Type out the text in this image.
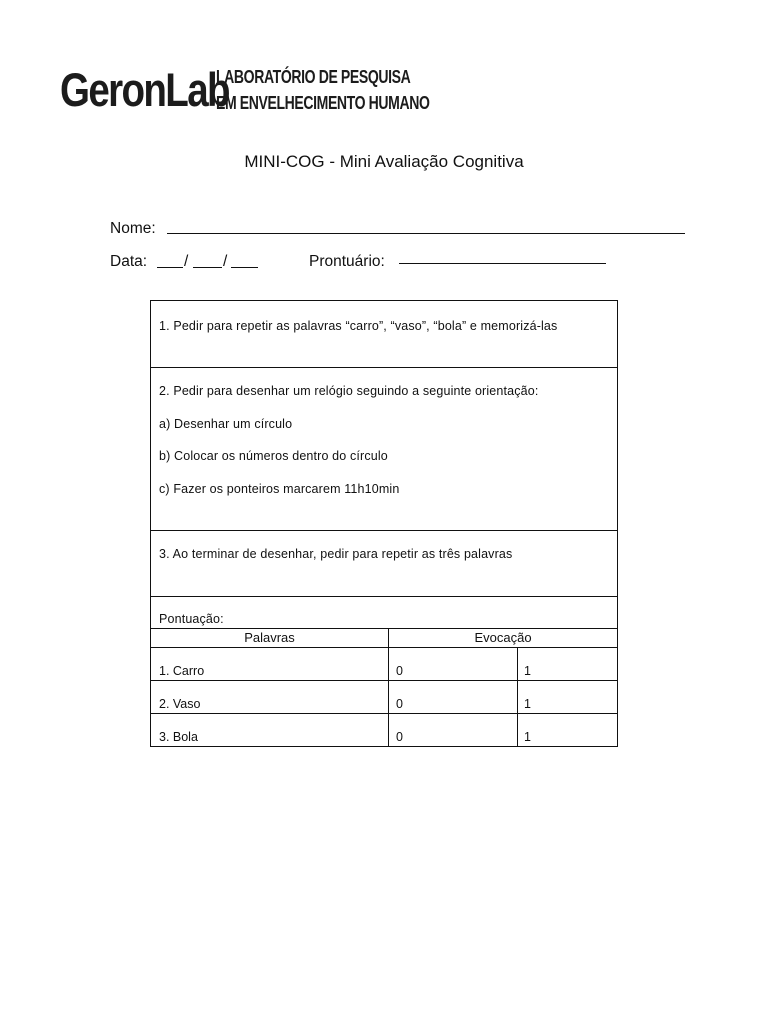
GeronLab
LABORATÓRIO DE PESQUISA
EM ENVELHECIMENTO HUMANO
MINI-COG - Mini Avaliação Cognitiva
Nome:
Data: / /	Prontuário:
1. Pedir para repetir as palavras “carro”, “vaso”, “bola” e memorizá-las
2. Pedir para desenhar um relógio seguindo a seguinte orientação:
a) Desenhar um círculo
b) Colocar os números dentro do círculo
c) Fazer os ponteiros marcarem 11h10min
3. Ao terminar de desenhar, pedir para repetir as três palavras
Pontuação:
Palavras	Evocação
1. Carro	0	1
2. Vaso	0	1
3. Bola	0	1
